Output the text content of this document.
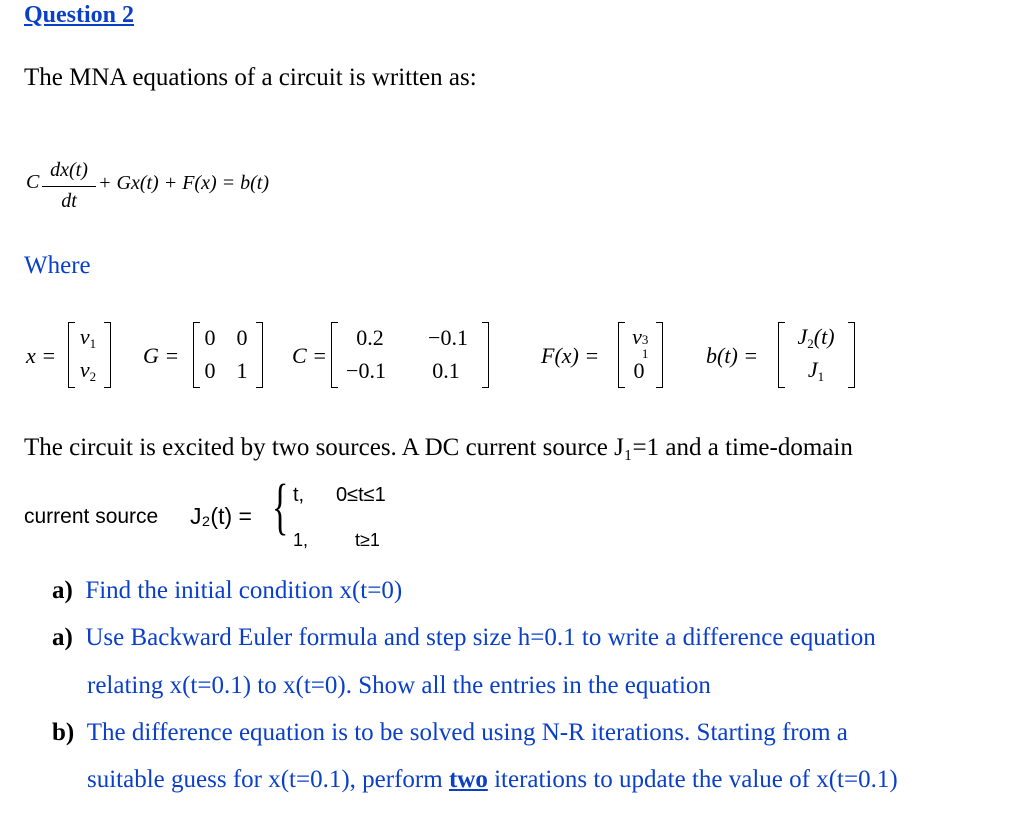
Question 2
The MNA equations of a circuit is written as:
C
dx(t)
dt
+ Gx(t) + F(x) = b(t)
Where
x =
$v_1$
$v_2$
G =
0 0
0 1
C =
0.2	−0.1
−0.1	0.1
F(x) =
v 3
1
0
b(t) =
$J_2(t)$
$J_1$
The circuit is excited by two sources. A DC current source J₁=1 and a time-domain
current source J₂(t) = { t, 0≤t≤1
1,	t≥1
a) Find the initial condition x(t=0)
a) Use Backward Euler formula and step size h=0.1 to write a difference equation
relating x(t=0.1) to x(t=0). Show all the entries in the equation
b) The difference equation is to be solved using N-R iterations. Starting from a
suitable guess for x(t=0.1), perform two iterations to update the value of x(t=0.1)
